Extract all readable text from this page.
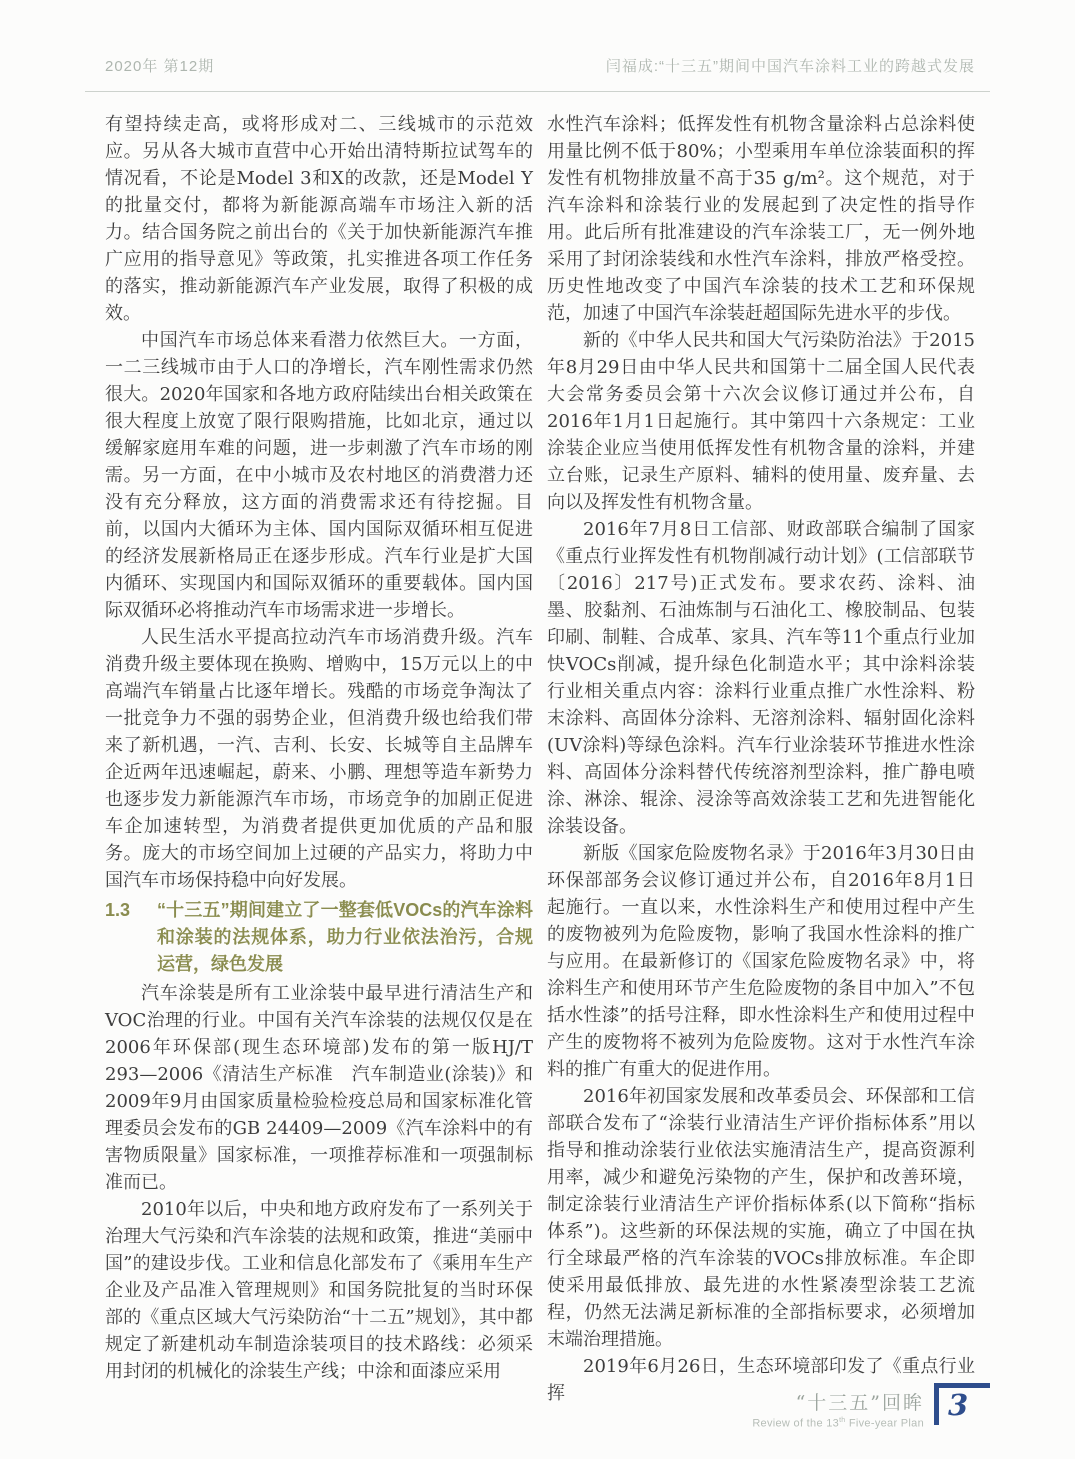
2020年 第12期	闫福成:“十三五”期间中国汽车涂料工业的跨越式发展

有望持续走高，或将形成对二、三线城市的示范效应。另从各大城市直营中心开始出清特斯拉试驾车的情况看，不论是Model 3和X的改款，还是Model Y的批量交付，都将为新能源高端车市场注入新的活力。结合国务院之前出台的《关于加快新能源汽车推广应用的指导意见》等政策，扎实推进各项工作任务的落实，推动新能源汽车产业发展，取得了积极的成效。

中国汽车市场总体来看潜力依然巨大。一方面，一二三线城市由于人口的净增长，汽车刚性需求仍然很大。2020年国家和各地方政府陆续出台相关政策在很大程度上放宽了限行限购措施，比如北京，通过以缓解家庭用车难的问题，进一步刺激了汽车市场的刚需。另一方面，在中小城市及农村地区的消费潜力还没有充分释放，这方面的消费需求还有待挖掘。目前，以国内大循环为主体、国内国际双循环相互促进的经济发展新格局正在逐步形成。汽车行业是扩大国内循环、实现国内和国际双循环的重要载体。国内国际双循环必将推动汽车市场需求进一步增长。

人民生活水平提高拉动汽车市场消费升级。汽车消费升级主要体现在换购、增购中，15万元以上的中高端汽车销量占比逐年增长。残酷的市场竞争淘汰了一批竞争力不强的弱势企业，但消费升级也给我们带来了新机遇，一汽、吉利、长安、长城等自主品牌车企近两年迅速崛起，蔚来、小鹏、理想等造车新势力也逐步发力新能源汽车市场，市场竞争的加剧正促进车企加速转型，为消费者提供更加优质的产品和服务。庞大的市场空间加上过硬的产品实力，将助力中国汽车市场保持稳中向好发展。

1.3	“十三五”期间建立了一整套低VOCs的汽车涂料和涂装的法规体系，助力行业依法治污，合规运营，绿色发展

汽车涂装是所有工业涂装中最早进行清洁生产和VOC治理的行业。中国有关汽车涂装的法规仅仅是在2006年环保部(现生态环境部)发布的第一版HJ/T 293—2006《清洁生产标准　汽车制造业(涂装)》和2009年9月由国家质量检验检疫总局和国家标准化管理委员会发布的GB 24409—2009《汽车涂料中的有害物质限量》国家标准，一项推荐标准和一项强制标准而已。

2010年以后，中央和地方政府发布了一系列关于治理大气污染和汽车涂装的法规和政策，推进“美丽中国”的建设步伐。工业和信息化部发布了《乘用车生产企业及产品准入管理规则》和国务院批复的当时环保部的《重点区域大气污染防治“十二五”规划》，其中都规定了新建机动车制造涂装项目的技术路线：必须采用封闭的机械化的涂装生产线；中涂和面漆应采用

水性汽车涂料；低挥发性有机物含量涂料占总涂料使用量比例不低于80%；小型乘用车单位涂装面积的挥发性有机物排放量不高于35 g/m²。这个规范，对于汽车涂料和涂装行业的发展起到了决定性的指导作用。此后所有批准建设的汽车涂装工厂，无一例外地采用了封闭涂装线和水性汽车涂料，排放严格受控。历史性地改变了中国汽车涂装的技术工艺和环保规范，加速了中国汽车涂装赶超国际先进水平的步伐。

新的《中华人民共和国大气污染防治法》于2015年8月29日由中华人民共和国第十二届全国人民代表大会常务委员会第十六次会议修订通过并公布，自2016年1月1日起施行。其中第四十六条规定：工业涂装企业应当使用低挥发性有机物含量的涂料，并建立台账，记录生产原料、辅料的使用量、废弃量、去向以及挥发性有机物含量。

2016年7月8日工信部、财政部联合编制了国家《重点行业挥发性有机物削减行动计划》(工信部联节〔2016〕217号)正式发布。要求农药、涂料、油墨、胶黏剂、石油炼制与石油化工、橡胶制品、包装印刷、制鞋、合成革、家具、汽车等11个重点行业加快VOCs削减，提升绿色化制造水平；其中涂料涂装行业相关重点内容：涂料行业重点推广水性涂料、粉末涂料、高固体分涂料、无溶剂涂料、辐射固化涂料(UV涂料)等绿色涂料。汽车行业涂装环节推进水性涂料、高固体分涂料替代传统溶剂型涂料，推广静电喷涂、淋涂、辊涂、浸涂等高效涂装工艺和先进智能化涂装设备。

新版《国家危险废物名录》于2016年3月30日由环保部部务会议修订通过并公布，自2016年8月1日起施行。一直以来，水性涂料生产和使用过程中产生的废物被列为危险废物，影响了我国水性涂料的推广与应用。在最新修订的《国家危险废物名录》中，将涂料生产和使用环节产生危险废物的条目中加入”不包括水性漆”的括号注释，即水性涂料生产和使用过程中产生的废物将不被列为危险废物。这对于水性汽车涂料的推广有重大的促进作用。

2016年初国家发展和改革委员会、环保部和工信部联合发布了“涂装行业清洁生产评价指标体系”用以指导和推动涂装行业依法实施清洁生产，提高资源利用率，减少和避免污染物的产生，保护和改善环境，制定涂装行业清洁生产评价指标体系(以下简称“指标体系”)。这些新的环保法规的实施，确立了中国在执行全球最严格的汽车涂装的VOCs排放标准。车企即使采用最低排放、最先进的水性紧凑型涂装工艺流程，仍然无法满足新标准的全部指标要求，必须增加末端治理措施。

2019年6月26日，生态环境部印发了《重点行业挥	“十三五”回眸
Review of the 13th Five-year Plan
3
